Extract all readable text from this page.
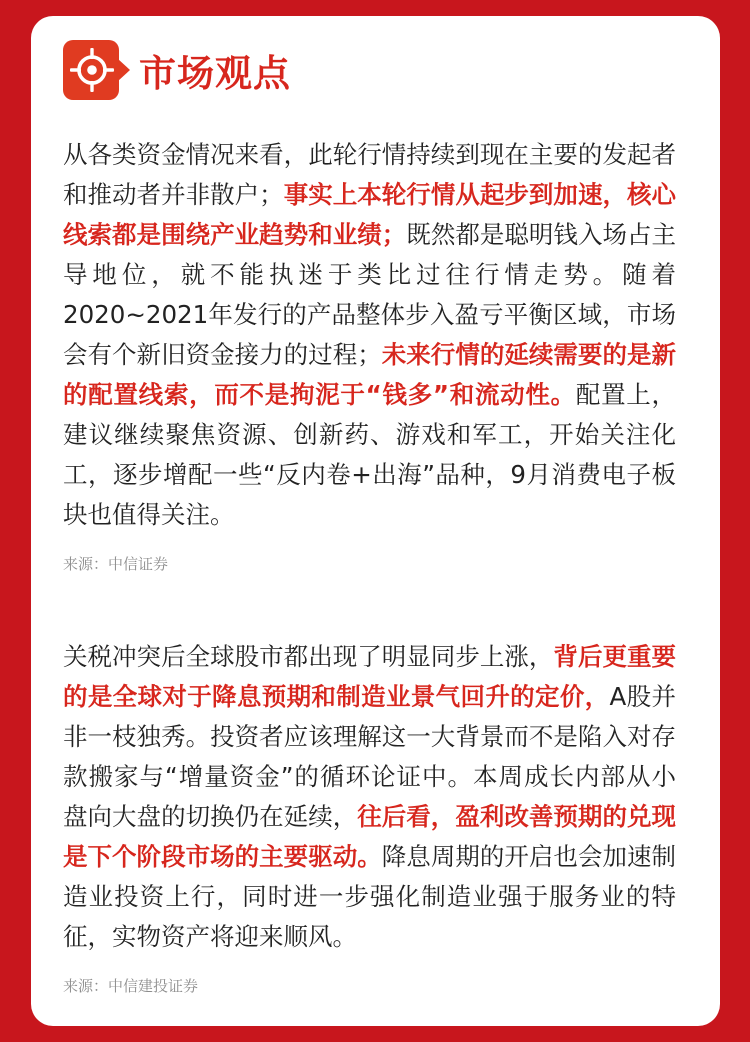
市场观点

从各类资金情况来看，此轮行情持续到现在主要的发起者和推动者并非散户；事实上本轮行情从起步到加速，核心线索都是围绕产业趋势和业绩；既然都是聪明钱入场占主导地位，就不能执迷于类比过往行情走势。随着2020~2021年发行的产品整体步入盈亏平衡区域，市场会有个新旧资金接力的过程；未来行情的延续需要的是新的配置线索，而不是拘泥于“钱多”和流动性。配置上，建议继续聚焦资源、创新药、游戏和军工，开始关注化工，逐步增配一些“反内卷+出海”品种，9月消费电子板块也值得关注。

来源：中信证券

关税冲突后全球股市都出现了明显同步上涨，背后更重要的是全球对于降息预期和制造业景气回升的定价，A股并非一枝独秀。投资者应该理解这一大背景而不是陷入对存款搬家与“增量资金”的循环论证中。本周成长内部从小盘向大盘的切换仍在延续，往后看，盈利改善预期的兑现是下个阶段市场的主要驱动。降息周期的开启也会加速制造业投资上行，同时进一步强化制造业强于服务业的特征，实物资产将迎来顺风。

来源：中信建投证券
